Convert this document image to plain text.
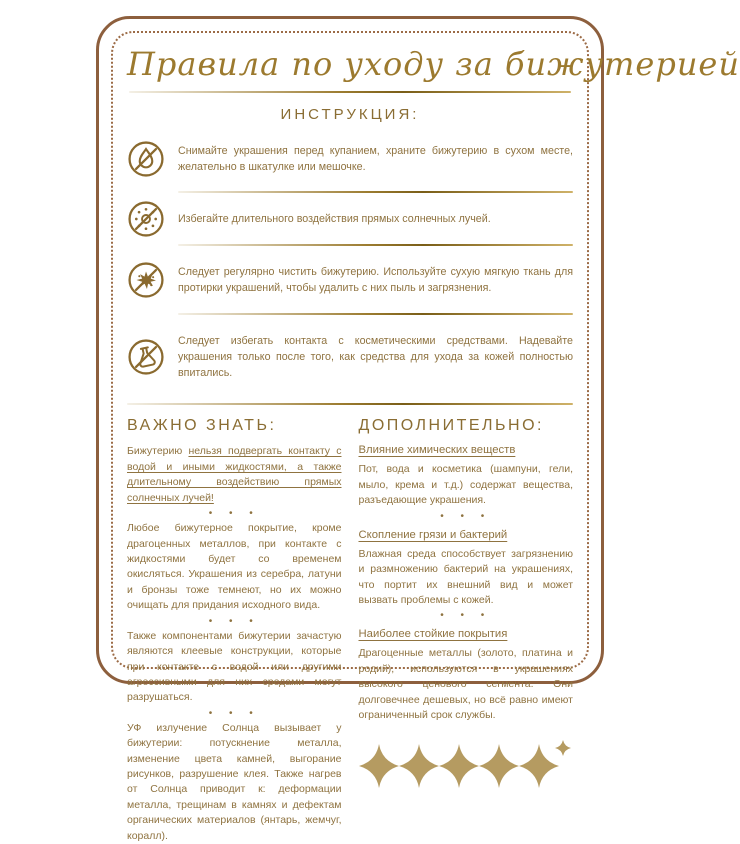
Правила по уходу за бижутерией
ИНСТРУКЦИЯ:

Снимайте украшения перед купанием, храните бижутерию в сухом месте, желательно в шкатулке или мешочке.

Избегайте длительного воздействия прямых солнечных лучей.

Следует регулярно чистить бижутерию. Используйте сухую мягкую ткань для протирки украшений, чтобы удалить с них пыль и загрязнения.

Следует избегать контакта с косметическими средствами. Надевайте украшения только после того, как средства для ухода за кожей полностью впитались.

ВАЖНО ЗНАТЬ:

Бижутерию нельзя подвергать контакту с водой и иными жидкостями, а также длительному воздействию прямых солнечных лучей!

• • •

Любое бижутерное покрытие, кроме драгоценных металлов, при контакте с жидкостями будет со временем окисляться. Украшения из серебра, латуни и бронзы тоже темнеют, но их можно очищать для придания исходного вида.

• • •

Также компонентами бижутерии зачастую являются клеевые конструкции, которые при контакте с водой или другими агрессивными для них средами могут разрушаться.

• • •

УФ излучение Солнца вызывает у бижутерии: потускнение металла, изменение цвета камней, выгорание рисунков, разрушение клея. Также нагрев от Солнца приводит к: деформации металла, трещинам в камнях и дефектам органических материалов (янтарь, жемчуг, коралл).

ДОПОЛНИТЕЛЬНО:
Влияние химических веществ

Пот, вода и косметика (шампуни, гели, мыло, крема и т.д.) содержат вещества, разъедающие украшения.

• • •
Скопление грязи и бактерий

Влажная среда способствует загрязнению и размножению бактерий на украшениях, что портит их внешний вид и может вызвать проблемы с кожей.

• • •
Наиболее стойкие покрытия

Драгоценные металлы (золото, платина и родий), используются в украшениях высокого ценового сегмента. Они долговечнее дешевых, но всё равно имеют ограниченный срок службы.
